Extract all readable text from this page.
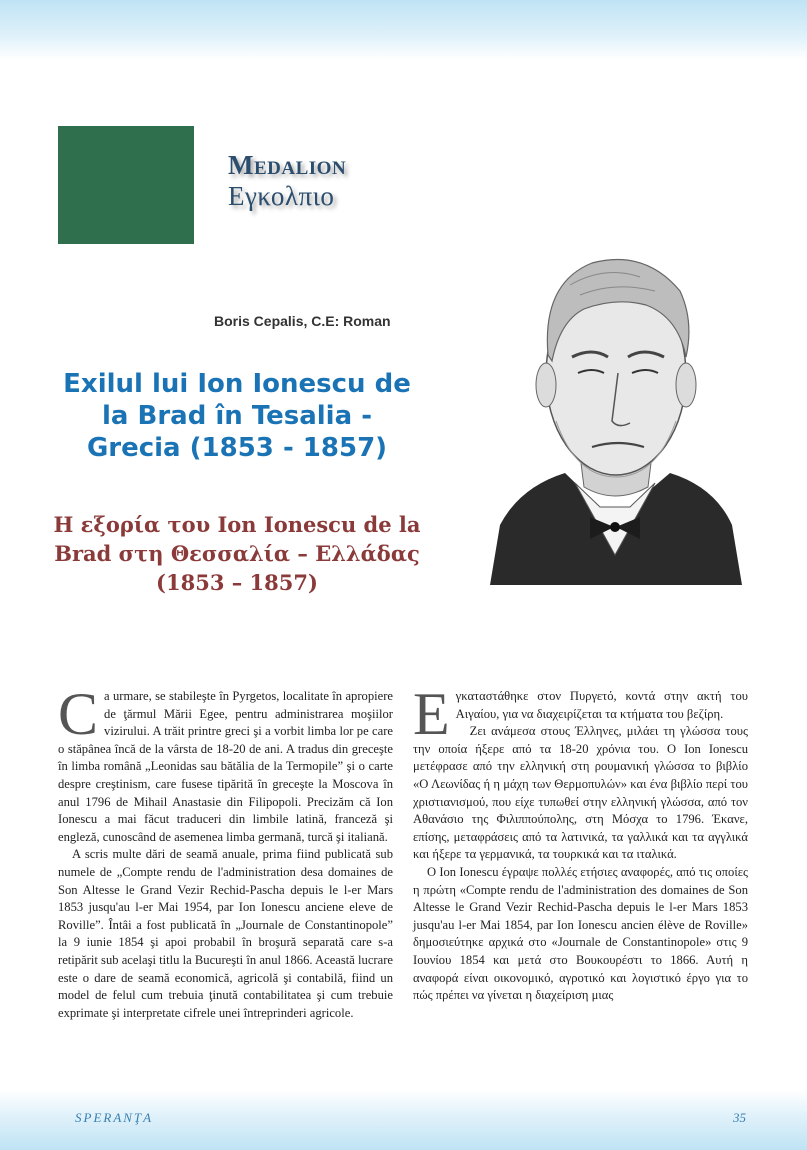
Medalion
Εγκολπιο
Boris Cepalis, C.E: Roman
Exilul lui Ion Ionescu de la Brad în Tesalia - Grecia (1853 - 1857)
Η εξορία του Ion Ionescu de la Brad στη Θεσσαλία – Ελλάδας (1853 – 1857)
C a urmare, se stabileşte în Pyrgetos, localitate în apropiere de ţărmul Mării Egee, pentru administrarea moşiilor vizirului. A trăit printre greci şi a vorbit limba lor pe care o stăpânea încă de la vârsta de 18-20 de ani. A tradus din greceşte în limba română „Leonidas sau bătălia de la Termopile” şi o carte despre creştinism, care fusese tipărită în greceşte la Moscova în anul 1796 de Mihail Anastasie din Filipopoli. Precizăm că Ion Ionescu a mai făcut traduceri din limbile latină, franceză şi engleză, cunoscând de asemenea limba germană, turcă şi italiană.

A scris multe dări de seamă anuale, prima fiind publicată sub numele de „Compte rendu de l'administration desa domaines de Son Altesse le Grand Vezir Rechid-Pascha depuis le l-er Mars 1853 jusqu'au l-er Mai 1954, par Ion Ionescu anciene eleve de Roville”. Întâi a fost publicată în „Journale de Constantinopole” la 9 iunie 1854 şi apoi probabil în broşură separată care s-a retipărit sub acelaşi titlu la Bucureşti în anul 1866. Această lucrare este o dare de seamă economică, agricolă şi contabilă, fiind un model de felul cum trebuia ţinută contabilitatea şi cum trebuie exprimate şi interpretate cifrele unei întreprinderi agricole.

Ε γκαταστάθηκε στον Πυργετό, κοντά στην ακτή του Αιγαίου, για να διαχειρίζεται τα κτήματα του βεζίρη.

Ζει ανάμεσα στους Έλληνες, μιλάει τη γλώσσα τους την οποία ήξερε από τα 18-20 χρόνια του. Ο Ion Ionescu μετέφρασε από την ελληνική στη ρουμανική γλώσσα το βιβλίο «Ο Λεωνίδας ή η μάχη των Θερμοπυλών» και ένα βιβλίο περί του χριστιανισμού, που είχε τυπωθεί στην ελληνική γλώσσα, από τον Αθανάσιο της Φιλιππούπολης, στη Μόσχα το 1796. Έκανε, επίσης, μεταφράσεις από τα λατινικά, τα γαλλικά και τα αγγλικά και ήξερε τα γερμανικά, τα τουρκικά και τα ιταλικά.

Ο Ion Ionescu έγραψε πολλές ετήσιες αναφορές, από τις οποίες η πρώτη «Compte rendu de l'administration des domaines de Son Altesse le Grand Vezir Rechid-Pascha depuis le l-er Mars 1853 jusqu'au l-er Mai 1854, par Ion Ionescu ancien élève de Roville» δημοσιεύτηκε αρχικά στο «Journale de Constantinopole» στις 9 Ιουνίου 1854 και μετά στο Βουκουρέστι το 1866. Αυτή η αναφορά είναι οικονομικό, αγροτικό και λογιστικό έργο για το πώς πρέπει να γίνεται η διαχείριση μιας

SPERANŢA	35
